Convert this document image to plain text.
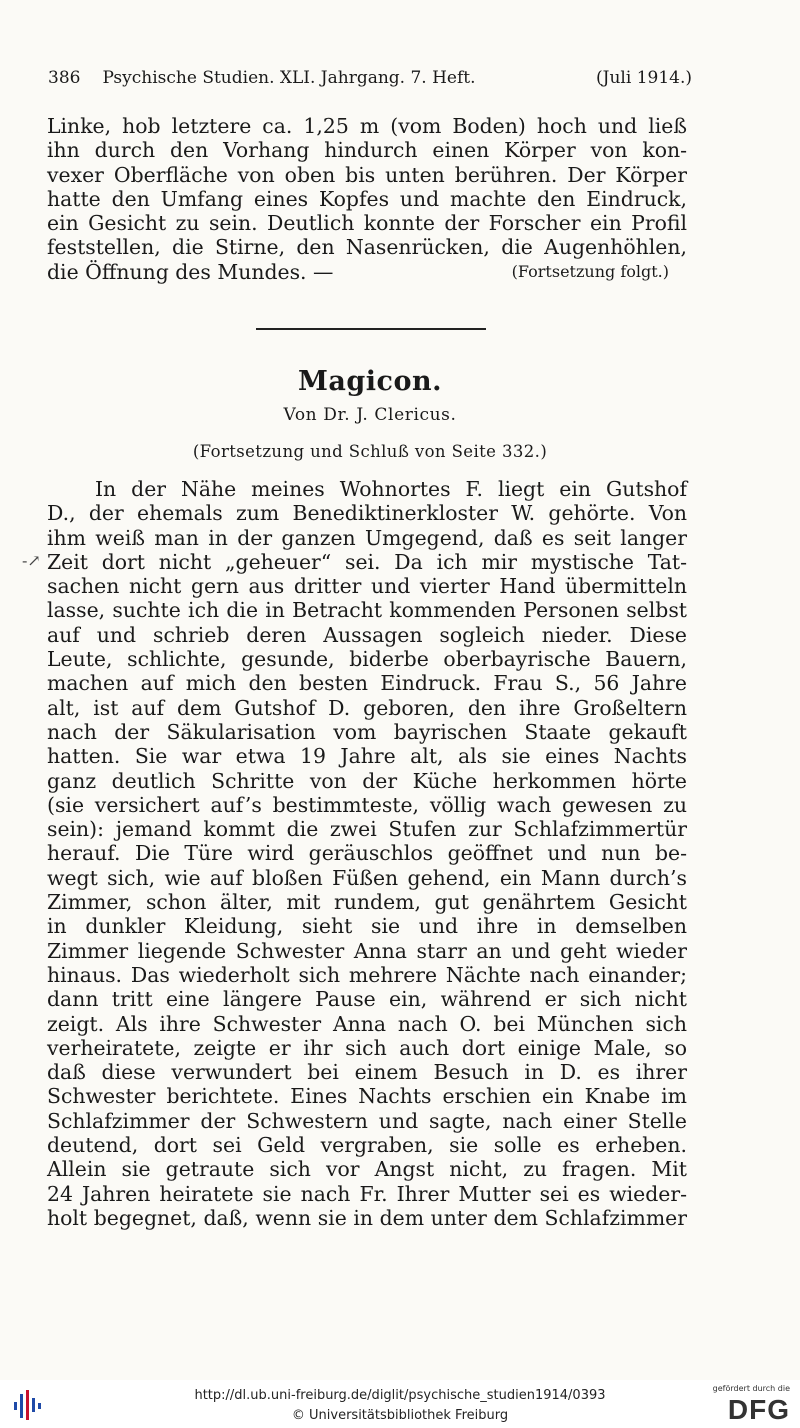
386 Psychische Studien. XLI. Jahrgang. 7. Heft.	(Juli 1914.)
Linke, hob letztere ca. 1,25 m (vom Boden) hoch und ließ
ihn durch den Vorhang hindurch einen Körper von kon-
vexer Oberfläche von oben bis unten berühren. Der Körper
hatte den Umfang eines Kopfes und machte den Eindruck,
ein Gesicht zu sein. Deutlich konnte der Forscher ein Profil
feststellen, die Stirne, den Nasenrücken, die Augenhöhlen,
die Öffnung des Mundes. —	(Fortsetzung folgt.)
Magicon.
Von Dr. J. Clericus.
(Fortsetzung und Schluß von Seite 332.)
-↗
In der Nähe meines Wohnortes F. liegt ein Gutshof
D., der ehemals zum Benediktinerkloster W. gehörte. Von
ihm weiß man in der ganzen Umgegend, daß es seit langer
Zeit dort nicht „geheuer“ sei. Da ich mir mystische Tat-
sachen nicht gern aus dritter und vierter Hand übermitteln
lasse, suchte ich die in Betracht kommenden Personen selbst
auf und schrieb deren Aussagen sogleich nieder. Diese
Leute, schlichte, gesunde, biderbe oberbayrische Bauern,
machen auf mich den besten Eindruck. Frau S., 56 Jahre
alt, ist auf dem Gutshof D. geboren, den ihre Großeltern
nach der Säkularisation vom bayrischen Staate gekauft
hatten. Sie war etwa 19 Jahre alt, als sie eines Nachts
ganz deutlich Schritte von der Küche herkommen hörte
(sie versichert auf’s bestimmteste, völlig wach gewesen zu
sein): jemand kommt die zwei Stufen zur Schlafzimmertür
herauf. Die Türe wird geräuschlos geöffnet und nun be-
wegt sich, wie auf bloßen Füßen gehend, ein Mann durch’s
Zimmer, schon älter, mit rundem, gut genährtem Gesicht
in dunkler Kleidung, sieht sie und ihre in demselben
Zimmer liegende Schwester Anna starr an und geht wieder
hinaus. Das wiederholt sich mehrere Nächte nach einander;
dann tritt eine längere Pause ein, während er sich nicht
zeigt. Als ihre Schwester Anna nach O. bei München sich
verheiratete, zeigte er ihr sich auch dort einige Male, so
daß diese verwundert bei einem Besuch in D. es ihrer
Schwester berichtete. Eines Nachts erschien ein Knabe im
Schlafzimmer der Schwestern und sagte, nach einer Stelle
deutend, dort sei Geld vergraben, sie solle es erheben.
Allein sie getraute sich vor Angst nicht, zu fragen. Mit
24 Jahren heiratete sie nach Fr. Ihrer Mutter sei es wieder-
holt begegnet, daß, wenn sie in dem unter dem Schlafzimmer
http://dl.ub.uni-freiburg.de/diglit/psychische_studien1914/0393
© Universitätsbibliothek Freiburg
gefördert durch die
DFG
